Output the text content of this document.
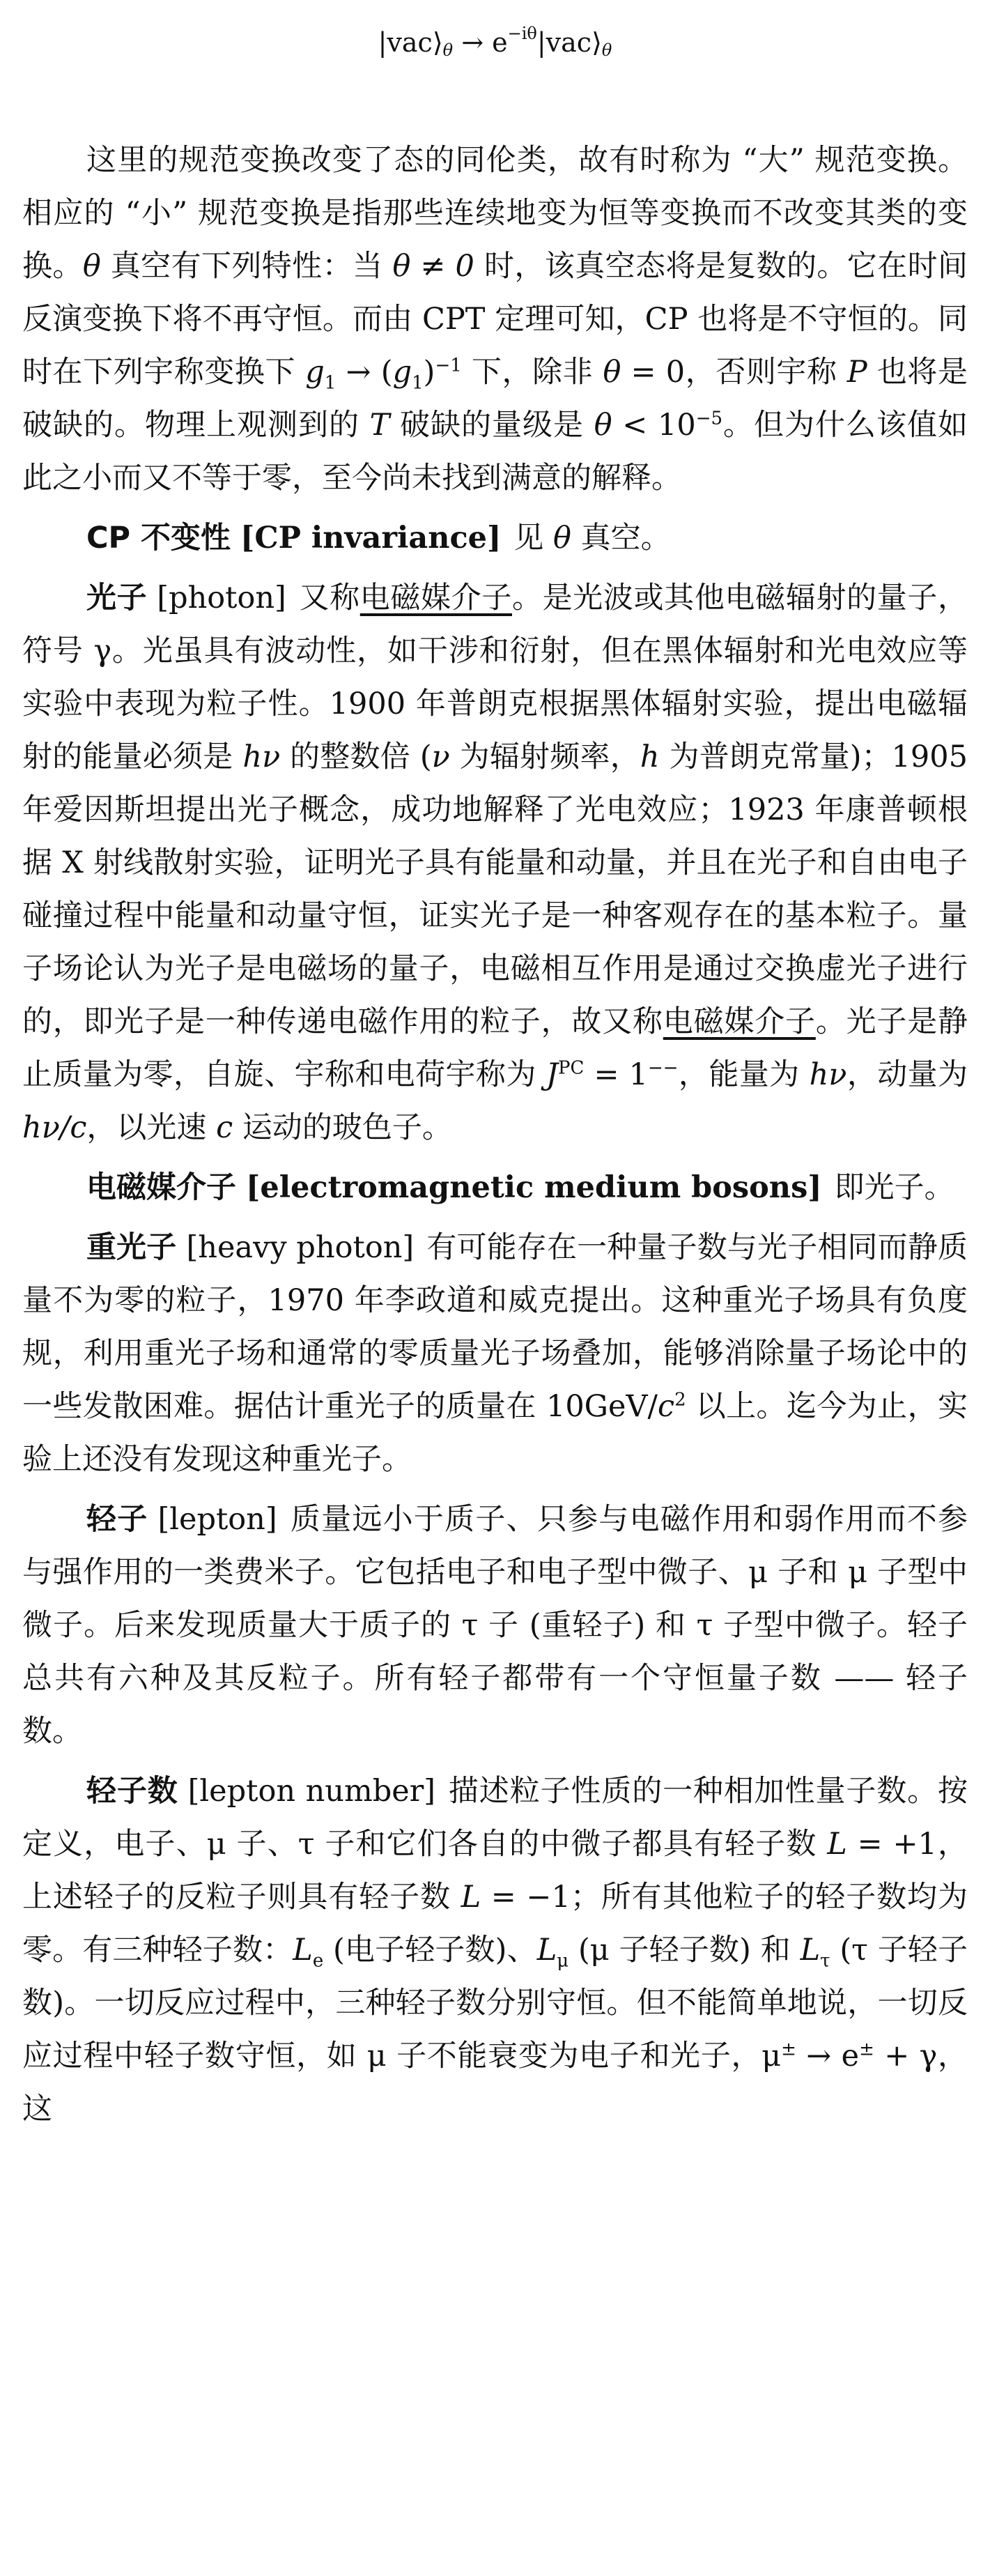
$|vac⟩_\theta$ → $e^{-i\theta}|vac⟩_\theta$

这里的规范变换改变了态的同伦类，故有时称为 “大” 规范变换。相应的 “小” 规范变换是指那些连续地变为恒等变换而不改变其类的变换。θ 真空有下列特性：当 θ ≠ 0 时，该真空态将是复数的。它在时间反演变换下将不再守恒。而由 CPT 定理可知，CP 也将是不守恒的。同时在下列宇称变换下 $g_1 \to (g_1)^{-1}$ 下，除非 θ = 0，否则宇称 P 也将是破缺的。物理上观测到的 T 破缺的量级是 $\theta < 10^{-5}$。但为什么该值如此之小而又不等于零，至今尚未找到满意的解释。

CP 不变性 [CP invariance] 见 θ 真空。

光子 [photon] 又称电磁媒介子。是光波或其他电磁辐射的量子，符号 γ。光虽具有波动性，如干涉和衍射，但在黑体辐射和光电效应等实验中表现为粒子性。1900 年普朗克根据黑体辐射实验，提出电磁辐射的能量必须是 hν 的整数倍 (ν 为辐射频率，h 为普朗克常量)；1905 年爱因斯坦提出光子概念，成功地解释了光电效应；1923 年康普顿根据 X 射线散射实验，证明光子具有能量和动量，并且在光子和自由电子碰撞过程中能量和动量守恒，证实光子是一种客观存在的基本粒子。量子场论认为光子是电磁场的量子，电磁相互作用是通过交换虚光子进行的，即光子是一种传递电磁作用的粒子，故又称电磁媒介子。光子是静止质量为零，自旋、宇称和电荷宇称为 $J^{PC} = 1^{--}$，能量为 hν，动量为 hν/c，以光速 c 运动的玻色子。

电磁媒介子 [electromagnetic medium bosons] 即光子。

重光子 [heavy photon] 有可能存在一种量子数与光子相同而静质量不为零的粒子，1970 年李政道和威克提出。这种重光子场具有负度规，利用重光子场和通常的零质量光子场叠加，能够消除量子场论中的一些发散困难。据估计重光子的质量在 $10GeV/c^2$ 以上。迄今为止，实验上还没有发现这种重光子。

轻子 [lepton] 质量远小于质子、只参与电磁作用和弱作用而不参与强作用的一类费米子。它包括电子和电子型中微子、μ 子和 μ 子型中微子。后来发现质量大于质子的 τ 子 (重轻子) 和 τ 子型中微子。轻子总共有六种及其反粒子。所有轻子都带有一个守恒量子数 —— 轻子数。

轻子数 [lepton number] 描述粒子性质的一种相加性量子数。按定义，电子、μ 子、τ 子和它们各自的中微子都具有轻子数 L = +1，上述轻子的反粒子则具有轻子数 L = −1；所有其他粒子的轻子数均为零。有三种轻子数：$L_e$ (电子轻子数)、$L_\mu$ (μ 子轻子数) 和 $L_\tau$ (τ 子轻子数)。一切反应过程中，三种轻子数分别守恒。但不能简单地说，一切反应过程中轻子数守恒，如 μ 子不能衰变为电子和光子，μ± → e± + γ，这
